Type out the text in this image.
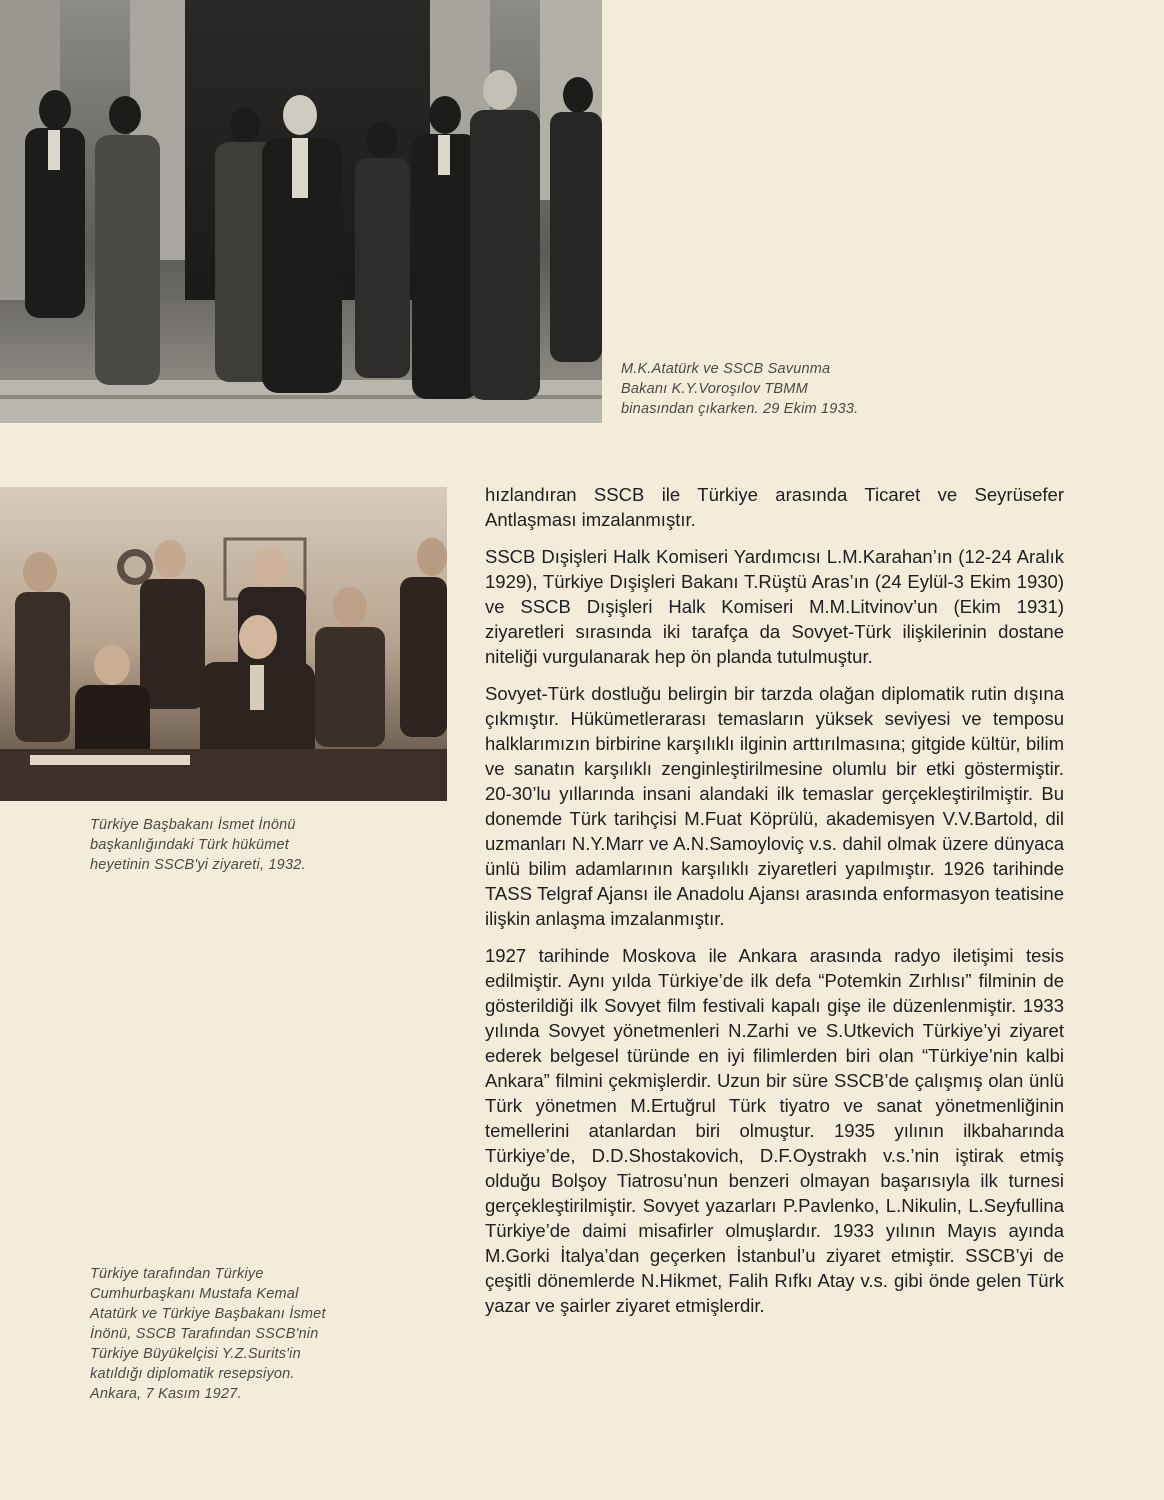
M.K.Atatürk ve SSCB Savunma
Bakanı K.Y.Voroşılov TBMM
binasından çıkarken. 29 Ekim 1933.
Türkiye Başbakanı İsmet İnönü
başkanlığındaki Türk hükümet
heyetinin SSCB'yi ziyareti, 1932.
Türkiye tarafından Türkiye
Cumhurbaşkanı Mustafa Kemal
Atatürk ve Türkiye Başbakanı İsmet
İnönü, SSCB Tarafından SSCB'nin
Türkiye Büyükelçisi Y.Z.Surits'in
katıldığı diplomatik resepsiyon.
Ankara, 7 Kasım 1927.

hızlandıran SSCB ile Türkiye arasında Ticaret ve Seyrüsefer Antlaşması imzalanmıştır.

SSCB Dışişleri Halk Komiseri Yardımcısı L.M.Karahan’ın (12-24 Aralık 1929), Türkiye Dışişleri Bakanı T.Rüştü Aras’ın (24 Eylül-3 Ekim 1930) ve SSCB Dışişleri Halk Komiseri M.M.Litvinov’un (Ekim 1931) ziyaretleri sırasında iki tarafça da Sovyet-Türk ilişkilerinin dostane niteliği vurgulanarak hep ön planda tutulmuştur.

Sovyet-Türk dostluğu belirgin bir tarzda olağan diplomatik rutin dışına çıkmıştır. Hükümetlerarası temasların yüksek seviyesi ve temposu halklarımızın birbirine karşılıklı ilginin arttırılmasına; gitgide kültür, bilim ve sanatın karşılıklı zenginleştirilmesine olumlu bir etki göstermiştir. 20-30’lu yıllarında insani alandaki ilk temaslar gerçekleştirilmiştir. Bu donemde Türk tarihçisi M.Fuat Köprülü, akademisyen V.V.Bartold, dil uzmanları N.Y.Marr ve A.N.Samoyloviç v.s. dahil olmak üzere dünyaca ünlü bilim adamlarının karşılıklı ziyaretleri yapılmıştır. 1926 tarihinde TASS Telgraf Ajansı ile Anadolu Ajansı arasında enformasyon teatisine ilişkin anlaşma imzalanmıştır.

1927 tarihinde Moskova ile Ankara arasında radyo iletişimi tesis edilmiştir. Aynı yılda Türkiye’de ilk defa “Potemkin Zırhlısı” filminin de gösterildiği ilk Sovyet film festivali kapalı gişe ile düzenlenmiştir. 1933 yılında Sovyet yönetmenleri N.Zarhi ve S.Utkevich Türkiye’yi ziyaret ederek belgesel türünde en iyi filimlerden biri olan “Türkiye’nin kalbi Ankara” filmini çekmişlerdir. Uzun bir süre SSCB’de çalışmış olan ünlü Türk yönetmen M.Ertuğrul Türk tiyatro ve sanat yönetmenliğinin temellerini atanlardan biri olmuştur. 1935 yılının ilkbaharında Türkiye’de, D.D.Shostakovich, D.F.Oystrakh v.s.’nin iştirak etmiş olduğu Bolşoy Tiatrosu’nun benzeri olmayan başarısıyla ilk turnesi gerçekleştirilmiştir. Sovyet yazarları P.Pavlenko, L.Nikulin, L.Seyfullina Türkiye’de daimi misafirler olmuşlardır. 1933 yılının Mayıs ayında M.Gorki İtalya’dan geçerken İstanbul’u ziyaret etmiştir. SSCB’yi de çeşitli dönemlerde N.Hikmet, Falih Rıfkı Atay v.s. gibi önde gelen Türk yazar ve şairler ziyaret etmişlerdir.
